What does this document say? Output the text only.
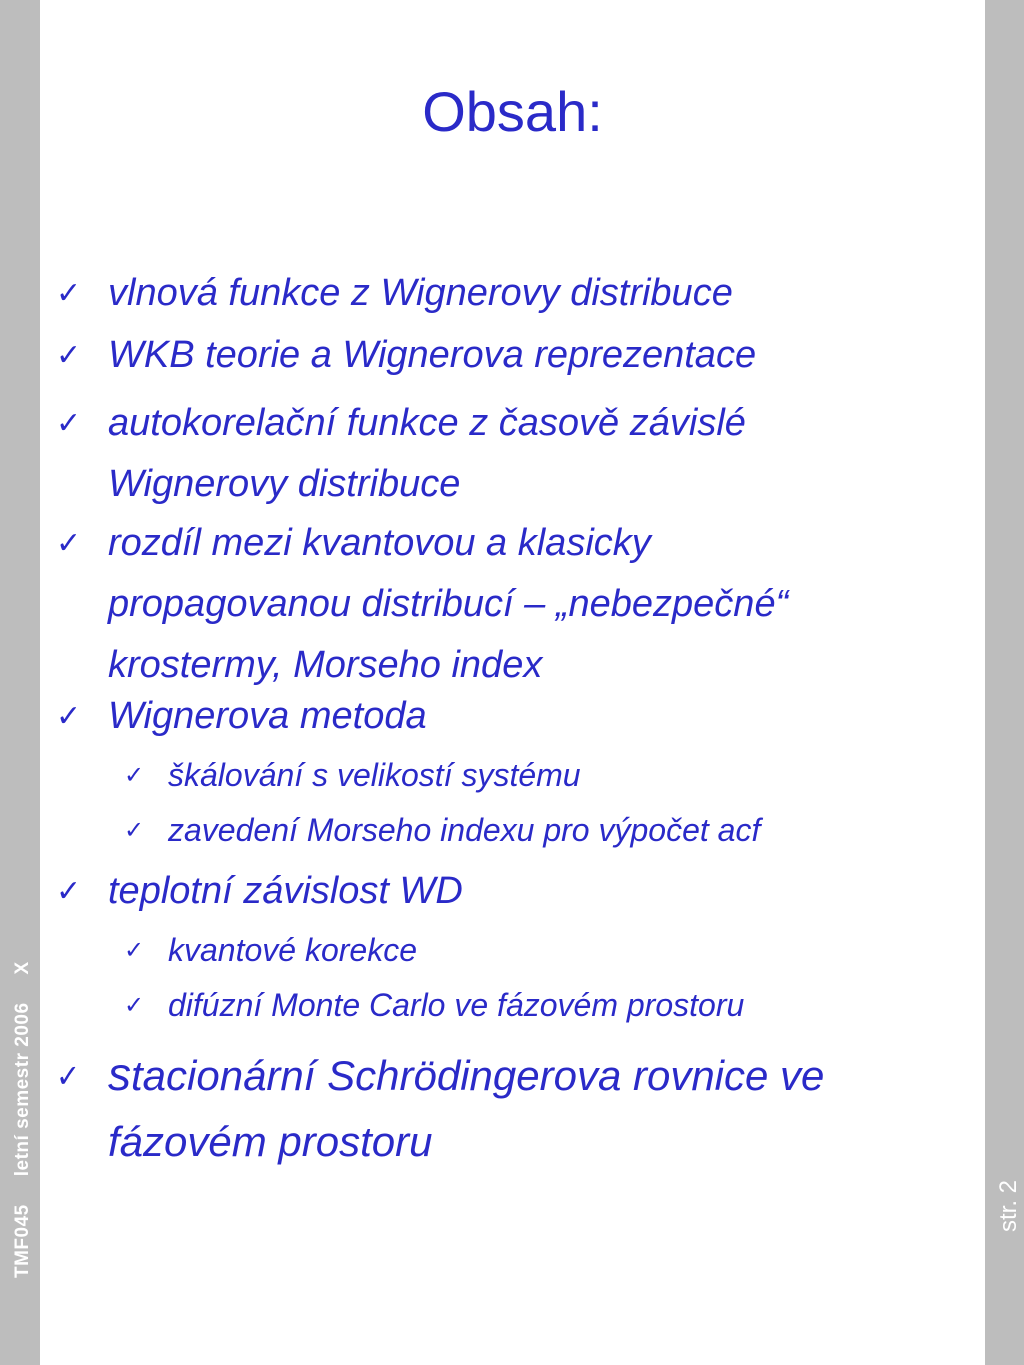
TMF045letní semestr 2006X
str. 2
Obsah:
✓ vlnová funkce z Wignerovy distribuce
✓ WKB teorie a Wignerova reprezentace
✓ autokorelační funkce z časově závislé
Wignerovy distribuce
✓ rozdíl mezi kvantovou a klasicky
propagovanou distribucí – „nebezpečné“
krostermy, Morseho index
✓ Wignerova metoda
✓ škálování s velikostí systému
✓ zavedení Morseho indexu pro výpočet acf
✓ teplotní závislost WD
✓ kvantové korekce
✓ difúzní Monte Carlo ve fázovém prostoru
✓ stacionární Schrödingerova rovnice ve
fázovém prostoru
